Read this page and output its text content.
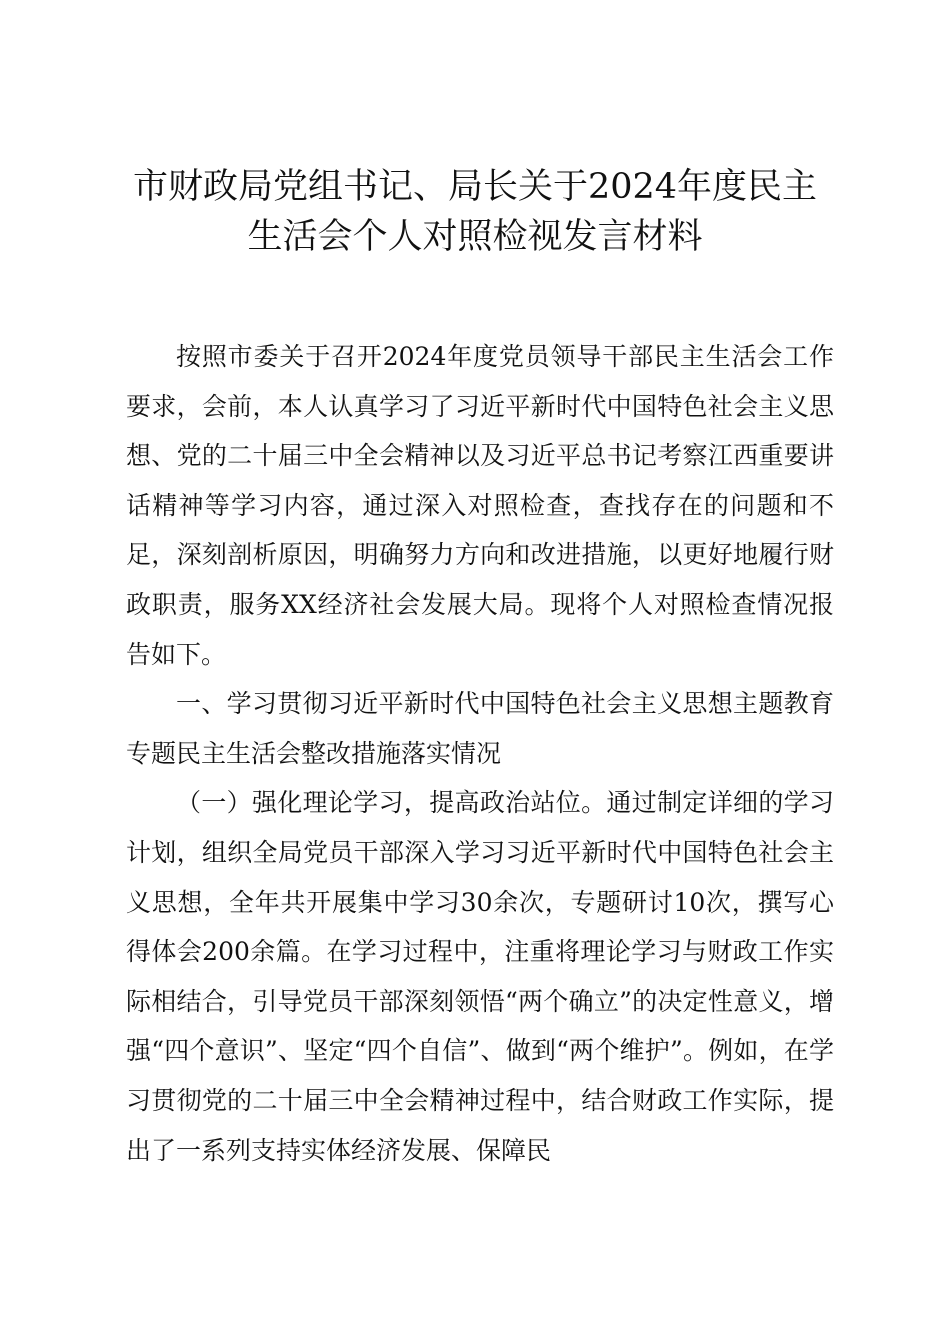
市财政局党组书记、局长关于2024年度民主
生活会个人对照检视发言材料

按照市委关于召开2024年度党员领导干部民主生活会工作要求，会前，本人认真学习了习近平新时代中国特色社会主义思想、党的二十届三中全会精神以及习近平总书记考察江西重要讲话精神等学习内容，通过深入对照检查，查找存在的问题和不足，深刻剖析原因，明确努力方向和改进措施，以更好地履行财政职责，服务XX经济社会发展大局。现将个人对照检查情况报告如下。

一、学习贯彻习近平新时代中国特色社会主义思想主题教育专题民主生活会整改措施落实情况

（一）强化理论学习，提高政治站位。通过制定详细的学习计划，组织全局党员干部深入学习习近平新时代中国特色社会主义思想，全年共开展集中学习30余次，专题研讨10次，撰写心得体会200余篇。在学习过程中，注重将理论学习与财政工作实际相结合，引导党员干部深刻领悟“两个确立”的决定性意义，增强“四个意识”、坚定“四个自信”、做到“两个维护”。例如，在学习贯彻党的二十届三中全会精神过程中，结合财政工作实际，提出了一系列支持实体经济发展、保障民
